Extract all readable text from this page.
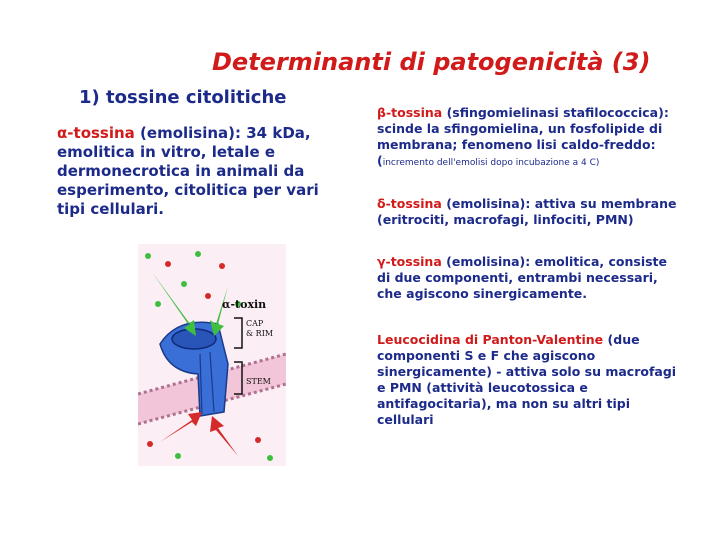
Determinanti di patogenicità (3)
1) tossine citolitiche
α-tossina (emolisina): 34 kDa, emolitica in vitro, letale e dermonecrotica in animali da esperimento, citolitica per vari tipi cellulari.
β-tossina (sfingomielinasi stafilococcica): scinde la sfingomielina, un fosfolipide di membrana; fenomeno lisi caldo-freddo: (incremento dell'emolisi dopo incubazione a 4 C)
δ-tossina (emolisina): attiva su membrane (eritrociti, macrofagi, linfociti, PMN)
γ-tossina (emolisina): emolitica, consiste di due componenti, entrambi necessari, che agiscono sinergicamente.
Leucocidina di Panton-Valentine (due componenti S e F che agiscono sinergicamente) - attiva solo su macrofagi e PMN (attività leucotossica e antifagocitaria), ma non su altri tipi cellulari
α-toxin
CAP
& RIM
STEM
